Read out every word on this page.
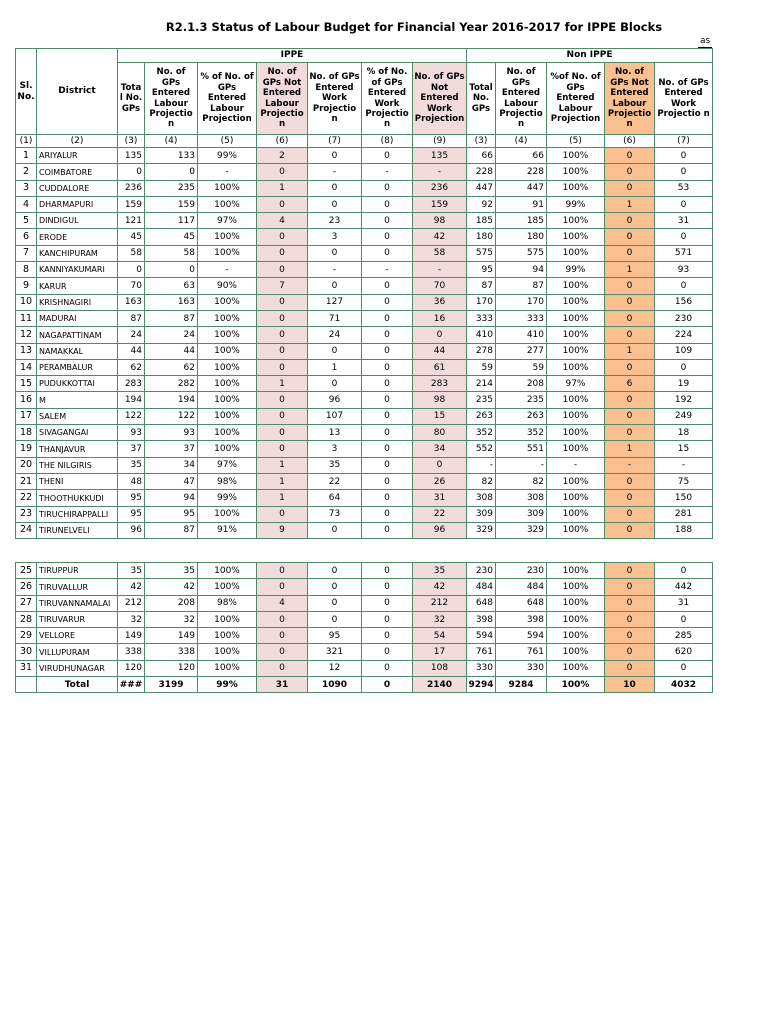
R2.1.3 Status of Labour Budget for Financial Year 2016-2017 for IPPE Blocks
as
Sl. No.	District	IPPE							Non IPPE				
		Tota l No. GPs	No. of GPs Entered Labour Projectio n	% of No. of GPs Entered Labour Projection	No. of GPs Not Entered Labour Projectio n	No. of GPs Entered Work Projectio n	% of No. of GPs Entered Work Projectio n	No. of GPs Not Entered Work Projection	Total No. GPs	No. of GPs Entered Labour Projectio n	%of No. of GPs Entered Labour Projection	No. of GPs Not Entered Labour Projectio n	No. of GPs Entered Work Projectio n
(1)	(2)	(3)	(4)	(5)	(6)	(7)	(8)	(9)	(3)	(4)	(5)	(6)	(7)
1	ARIYALUR	135	133	99%	2	0	0	135	66	66	100%	0	0
2	COIMBATORE	0	0	-	0	-	-	-	228	228	100%	0	0
3	CUDDALORE	236	235	100%	1	0	0	236	447	447	100%	0	53
4	DHARMAPURI	159	159	100%	0	0	0	159	92	91	99%	1	0
5	DINDIGUL	121	117	97%	4	23	0	98	185	185	100%	0	31
6	ERODE	45	45	100%	0	3	0	42	180	180	100%	0	0
7	KANCHIPURAM	58	58	100%	0	0	0	58	575	575	100%	0	571
8	KANNIYAKUMARI	0	0	-	0	-	-	-	95	94	99%	1	93
9	KARUR	70	63	90%	7	0	0	70	87	87	100%	0	0
10	KRISHNAGIRI	163	163	100%	0	127	0	36	170	170	100%	0	156
11	MADURAI	87	87	100%	0	71	0	16	333	333	100%	0	230
12	NAGAPATTINAM	24	24	100%	0	24	0	0	410	410	100%	0	224
13	NAMAKKAL	44	44	100%	0	0	0	44	278	277	100%	1	109
14	PERAMBALUR	62	62	100%	0	1	0	61	59	59	100%	0	0
15	PUDUKKOTTAI	283	282	100%	1	0	0	283	214	208	97%	6	19
16	M	194	194	100%	0	96	0	98	235	235	100%	0	192
17	SALEM	122	122	100%	0	107	0	15	263	263	100%	0	249
18	SIVAGANGAI	93	93	100%	0	13	0	80	352	352	100%	0	18
19	THANJAVUR	37	37	100%	0	3	0	34	552	551	100%	1	15
20	THE NILGIRIS	35	34	97%	1	35	0	0	-	-	-	-	-
21	THENI	48	47	98%	1	22	0	26	82	82	100%	0	75
22	THOOTHUKKUDI	95	94	99%	1	64	0	31	308	308	100%	0	150
23	TIRUCHIRAPPALLI	95	95	100%	0	73	0	22	309	309	100%	0	281
24	TIRUNELVELI	96	87	91%	9	0	0	96	329	329	100%	0	188
25	TIRUPPUR	35	35	100%	0	0	0	35	230	230	100%	0	0
26	TIRUVALLUR	42	42	100%	0	0	0	42	484	484	100%	0	442
27	TIRUVANNAMALAI	212	208	98%	4	0	0	212	648	648	100%	0	31
28	TIRUVARUR	32	32	100%	0	0	0	32	398	398	100%	0	0
29	VELLORE	149	149	100%	0	95	0	54	594	594	100%	0	285
30	VILLUPURAM	338	338	100%	0	321	0	17	761	761	100%	0	620
31	VIRUDHUNAGAR	120	120	100%	0	12	0	108	330	330	100%	0	0
	Total	###	3199	99%	31	1090	0	2140	9294	9284	100%	10	4032
